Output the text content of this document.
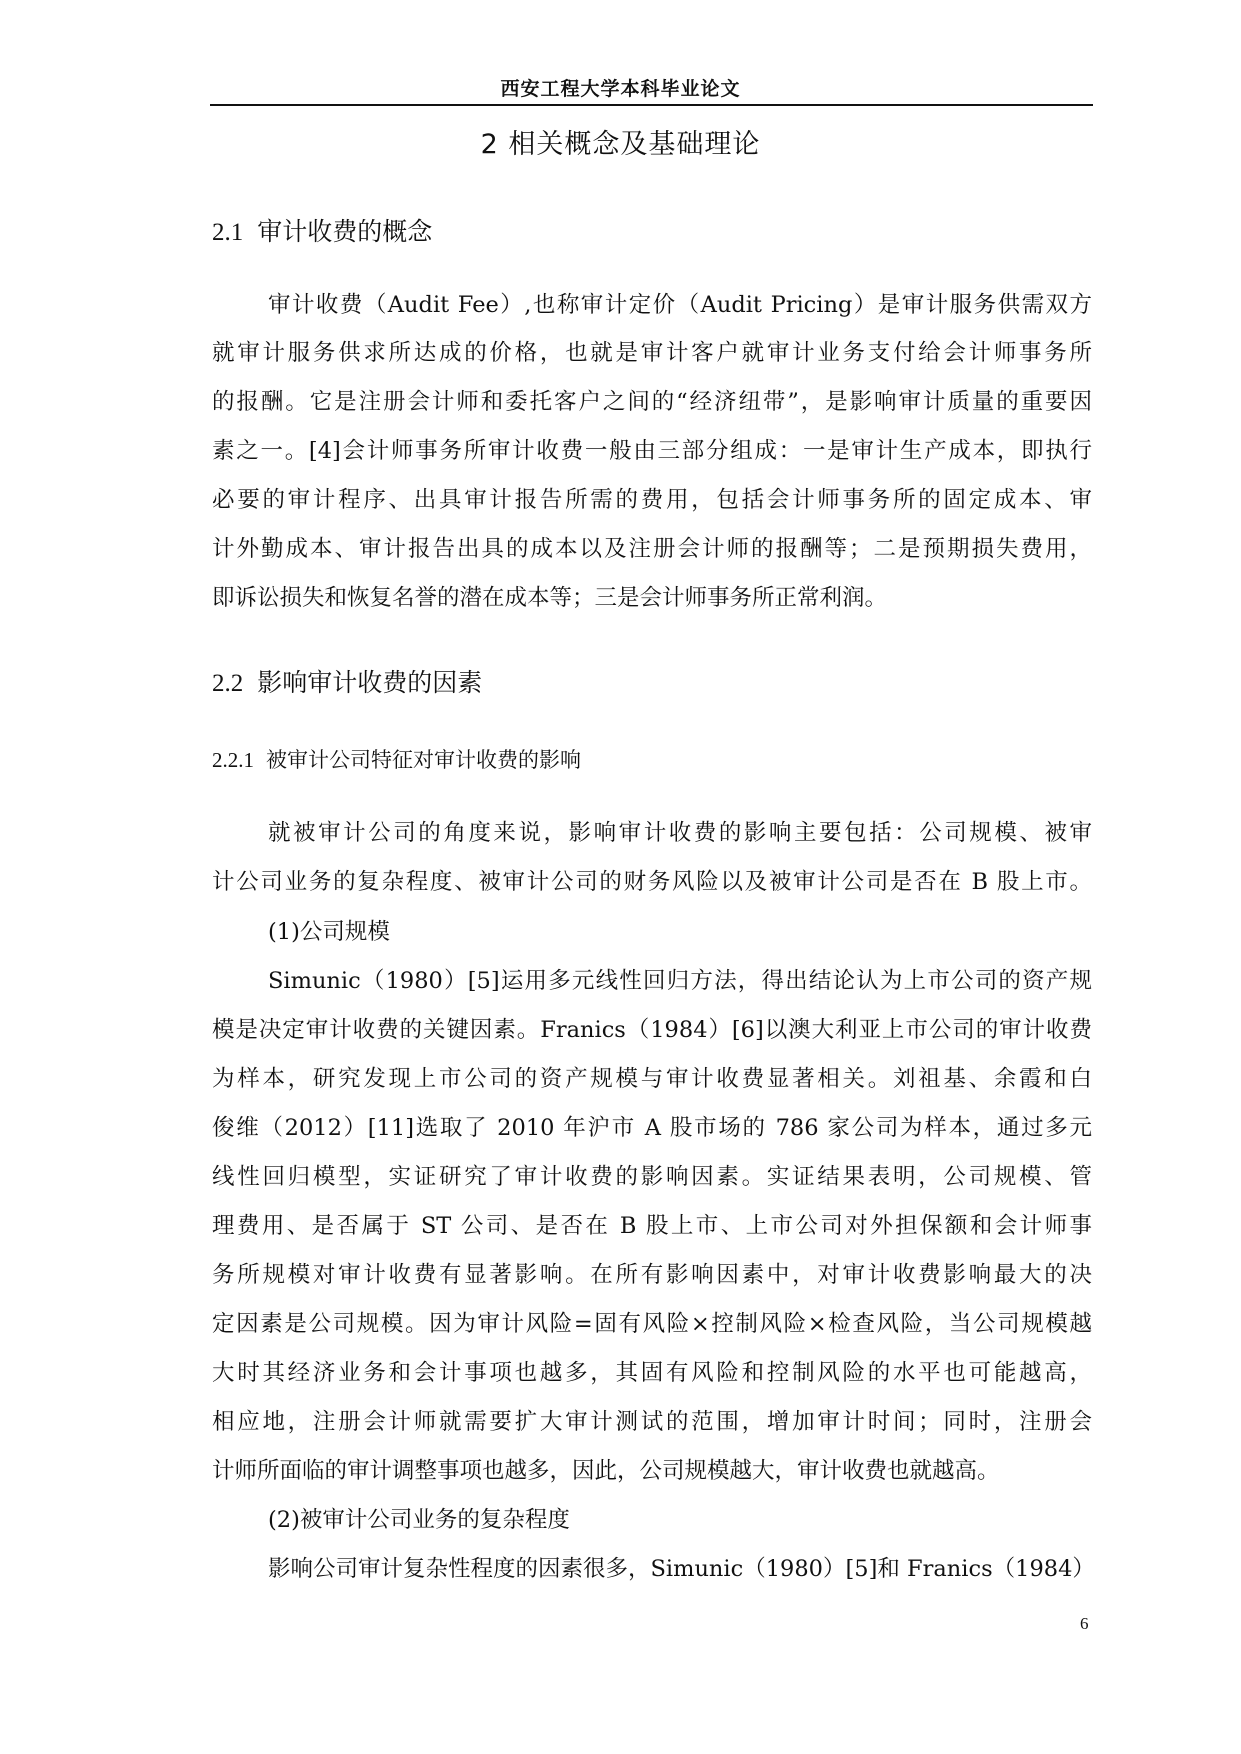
西安工程大学本科毕业论文
2 相关概念及基础理论
2.1 审计收费的概念
审计收费（Audit Fee）,也称审计定价（Audit Pricing）是审计服务供需双方
就审计服务供求所达成的价格，也就是审计客户就审计业务支付给会计师事务所
的报酬。它是注册会计师和委托客户之间的“经济纽带”，是影响审计质量的重要因
素之一。[4]会计师事务所审计收费一般由三部分组成：一是审计生产成本，即执行
必要的审计程序、出具审计报告所需的费用，包括会计师事务所的固定成本、审
计外勤成本、审计报告出具的成本以及注册会计师的报酬等；二是预期损失费用，
即诉讼损失和恢复名誉的潜在成本等；三是会计师事务所正常利润。
2.2 影响审计收费的因素
2.2.1 被审计公司特征对审计收费的影响
就被审计公司的角度来说，影响审计收费的影响主要包括：公司规模、被审
计公司业务的复杂程度、被审计公司的财务风险以及被审计公司是否在 B 股上市。
(1)公司规模
Simunic（1980）[5]运用多元线性回归方法，得出结论认为上市公司的资产规
模是决定审计收费的关键因素。Franics（1984）[6]以澳大利亚上市公司的审计收费
为样本，研究发现上市公司的资产规模与审计收费显著相关。刘祖基、余霞和白
俊维（2012）[11]选取了 2010 年沪市 A 股市场的 786 家公司为样本，通过多元
线性回归模型，实证研究了审计收费的影响因素。实证结果表明，公司规模、管
理费用、是否属于 ST 公司、是否在 B 股上市、上市公司对外担保额和会计师事
务所规模对审计收费有显著影响。在所有影响因素中，对审计收费影响最大的决
定因素是公司规模。因为审计风险=固有风险×控制风险×检查风险，当公司规模越
大时其经济业务和会计事项也越多，其固有风险和控制风险的水平也可能越高，
相应地，注册会计师就需要扩大审计测试的范围，增加审计时间；同时，注册会
计师所面临的审计调整事项也越多，因此，公司规模越大，审计收费也就越高。
(2)被审计公司业务的复杂程度
影响公司审计复杂性程度的因素很多，Simunic（1980）[5]和 Franics（1984）
6
